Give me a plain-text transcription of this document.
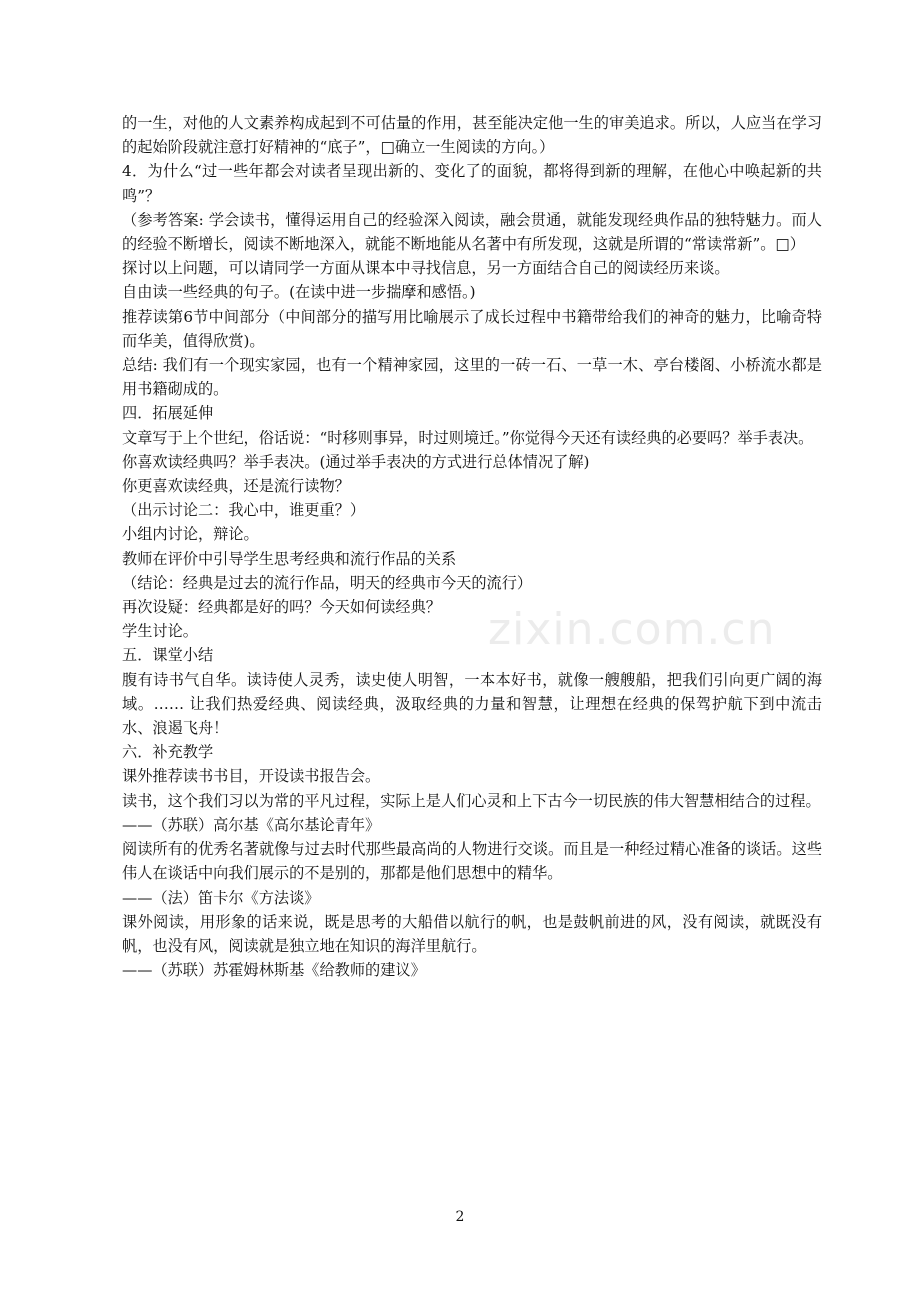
zixin.com.cn

的一生，对他的人文素养构成起到不可估量的作用，甚至能决定他一生的审美追求。所以，人应当在学习的起始阶段就注意打好精神的“底子”，□确立一生阅读的方向。）

4．为什么“过一些年都会对读者呈现出新的、变化了的面貌，都将得到新的理解，在他心中唤起新的共鸣”？

（参考答案: 学会读书，懂得运用自己的经验深入阅读，融会贯通，就能发现经典作品的独特魅力。而人的经验不断增长，阅读不断地深入，就能不断地能从名著中有所发现，这就是所谓的“常读常新”。□）

探讨以上问题，可以请同学一方面从课本中寻找信息，另一方面结合自己的阅读经历来谈。

自由读一些经典的句子。(在读中进一步揣摩和感悟。)

推荐读第6节中间部分（中间部分的描写用比喻展示了成长过程中书籍带给我们的神奇的魅力，比喻奇特而华美，值得欣赏)。

总结: 我们有一个现实家园，也有一个精神家园，这里的一砖一石、一草一木、亭台楼阁、小桥流水都是用书籍砌成的。

四．拓展延伸

文章写于上个世纪，俗话说：“时移则事异，时过则境迁。”你觉得今天还有读经典的必要吗？举手表决。

你喜欢读经典吗？举手表决。(通过举手表决的方式进行总体情况了解)

你更喜欢读经典，还是流行读物？

（出示讨论二：我心中，谁更重？）

小组内讨论，辩论。

教师在评价中引导学生思考经典和流行作品的关系

（结论：经典是过去的流行作品，明天的经典市今天的流行）

再次设疑：经典都是好的吗？今天如何读经典？

学生讨论。

五．课堂小结

腹有诗书气自华。读诗使人灵秀，读史使人明智，一本本好书，就像一艘艘船，把我们引向更广阔的海域。…… 让我们热爱经典、阅读经典，汲取经典的力量和智慧，让理想在经典的保驾护航下到中流击水、浪遏飞舟！

六．补充教学

课外推荐读书书目，开设读书报告会。

读书，这个我们习以为常的平凡过程，实际上是人们心灵和上下古今一切民族的伟大智慧相结合的过程。

——（苏联）高尔基《高尔基论青年》

阅读所有的优秀名著就像与过去时代那些最高尚的人物进行交谈。而且是一种经过精心准备的谈话。这些伟人在谈话中向我们展示的不是别的，那都是他们思想中的精华。

——（法）笛卡尔《方法谈》

课外阅读，用形象的话来说，既是思考的大船借以航行的帆，也是鼓帆前进的风，没有阅读，就既没有帆，也没有风，阅读就是独立地在知识的海洋里航行。

——（苏联）苏霍姆林斯基《给教师的建议》

2
